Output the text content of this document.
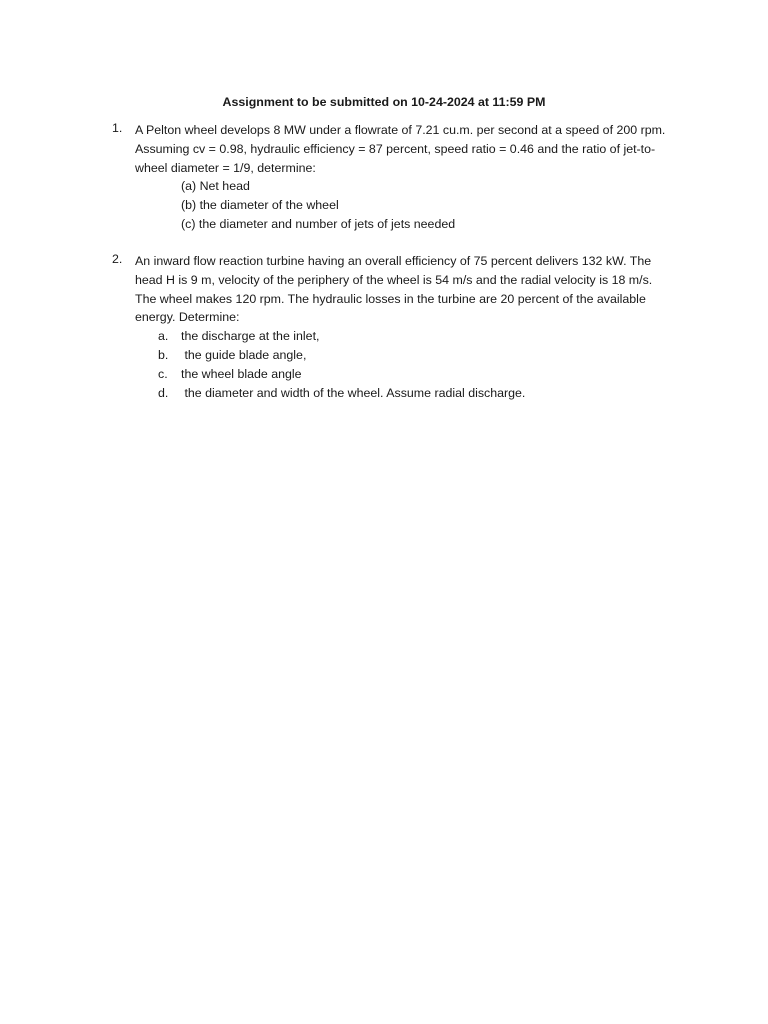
Assignment to be submitted on 10-24-2024 at 11:59 PM
1.	A Pelton wheel develops 8 MW under a flowrate of 7.21 cu.m. per second at a speed of 200 rpm. Assuming cv = 0.98, hydraulic efficiency = 87 percent, speed ratio = 0.46 and the ratio of jet-to-wheel diameter = 1/9, determine:
(a) Net head
(b) the diameter of the wheel
(c) the diameter and number of jets of jets needed
2.	An inward flow reaction turbine having an overall efficiency of 75 percent delivers 132 kW. The head H is 9 m, velocity of the periphery of the wheel is 54 m/s and the radial velocity is 18 m/s. The wheel makes 120 rpm. The hydraulic losses in the turbine are 20 percent of the available energy. Determine:
a. the discharge at the inlet,
b. the guide blade angle,
c. the wheel blade angle
d. the diameter and width of the wheel. Assume radial discharge.
